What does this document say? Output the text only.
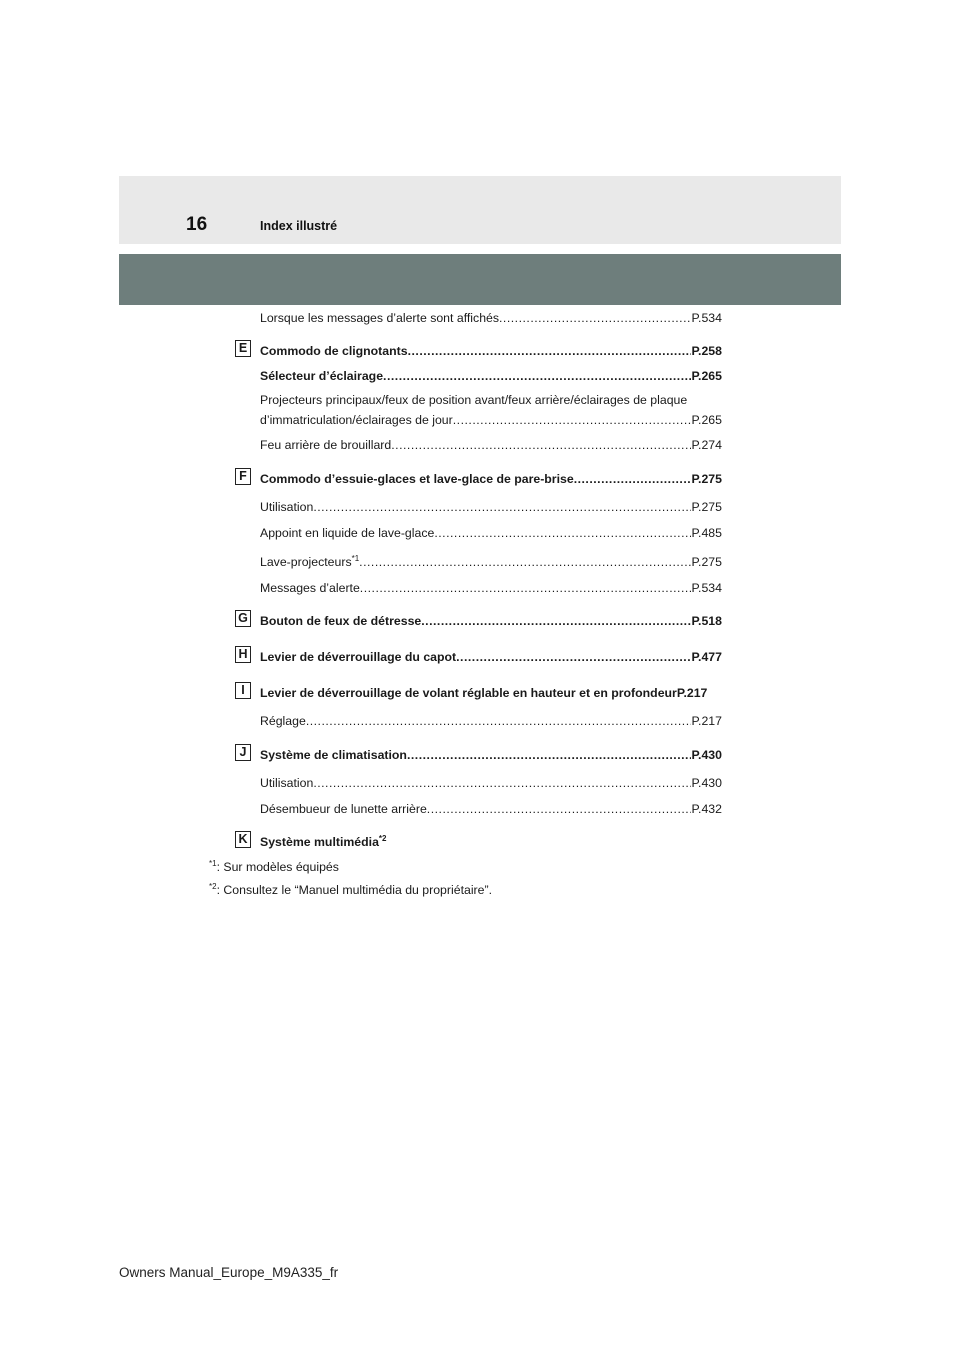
16	Index illustré
Lorsque les messages d’alerte sont affichés .....	P.534
E	Commodo de clignotants .....	P.258
Sélecteur d’éclairage .....	P.265
Projecteurs principaux/feux de position avant/feux arrière/éclairages de plaque
d’immatriculation/éclairages de jour .....	P.265
Feu arrière de brouillard .....	P.274
F	Commodo d’essuie-glaces et lave-glace de pare-brise .....	P.275
Utilisation .....	P.275
Appoint en liquide de lave-glace .....	P.485
Lave-projecteurs$^{*1}$ .....	P.275
Messages d’alerte .....	P.534
G Bouton de feux de détresse .....	P.518
H Levier de déverrouillage du capot .....	P.477
I	Levier de déverrouillage de volant réglable en hauteur et en profondeur P.217
Réglage .....	P.217
J	Système de climatisation .....	P.430
Utilisation .....	P.430
Désembueur de lunette arrière .....	P.432
K Système multimédia$^{*2}$
$^{*1}$: Sur modèles équipés
$^{*2}$: Consultez le “Manuel multimédia du propriétaire”.
Owners Manual_Europe_M9A335_fr
